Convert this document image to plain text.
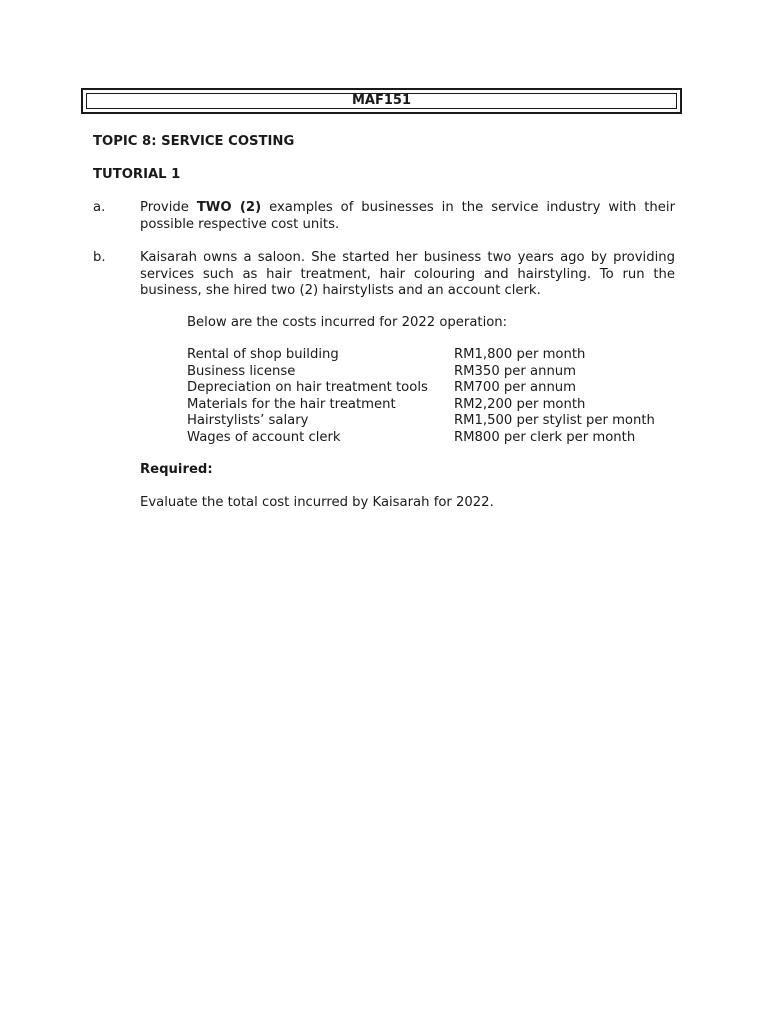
MAF151
TOPIC 8: SERVICE COSTING
TUTORIAL 1
a.	Provide TWO (2) examples of businesses in the service industry with their possible respective cost units.
b.	Kaisarah owns a saloon. She started her business two years ago by providing services such as hair treatment, hair colouring and hairstyling. To run the business, she hired two (2) hairstylists and an account clerk.
Below are the costs incurred for 2022 operation:
Rental of shop building	RM1,800 per month
Business license	RM350 per annum
Depreciation on hair treatment tools	RM700 per annum
Materials for the hair treatment	RM2,200 per month
Hairstylists’ salary	RM1,500 per stylist per month
Wages of account clerk	RM800 per clerk per month
Required:
Evaluate the total cost incurred by Kaisarah for 2022.
